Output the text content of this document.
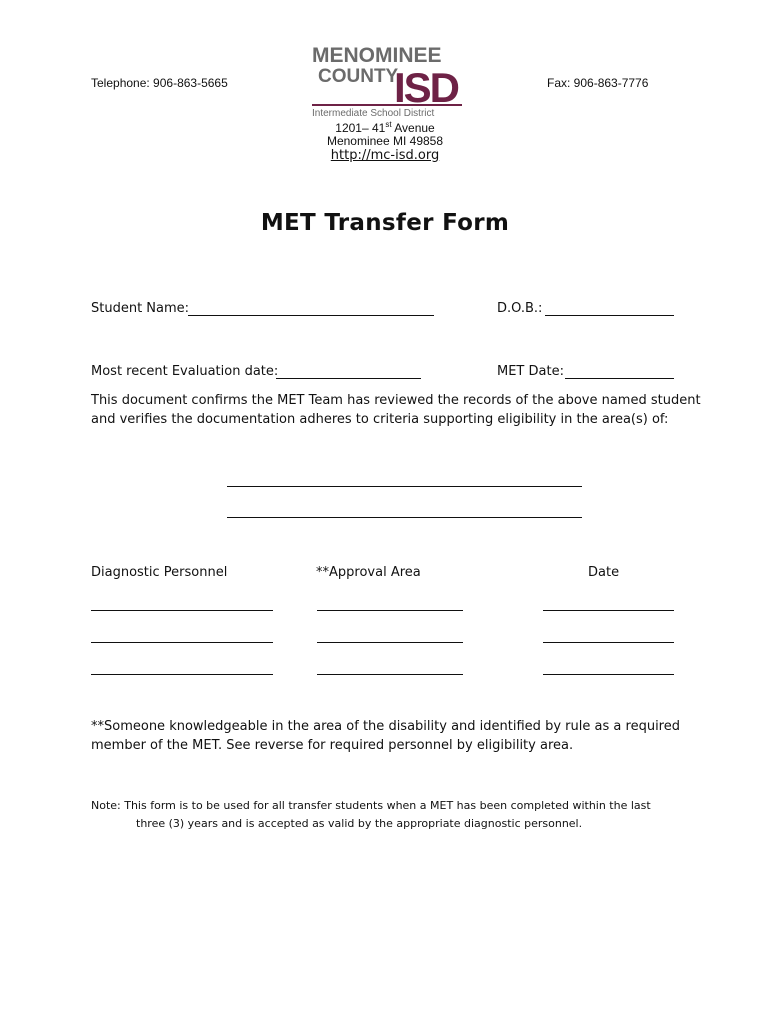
Telephone: 906-863-5665	Fax: 906-863-7776
MENOMINEE
COUNTY
ISD
Intermediate School District
1201– 41st Avenue
Menominee MI 49858
http://mc-isd.org
MET Transfer Form
Student Name:	D.O.B.:
Most recent Evaluation date:	MET Date:
This document confirms the MET Team has reviewed the records of the above named student
and verifies the documentation adheres to criteria supporting eligibility in the area(s) of:
Diagnostic Personnel	**Approval Area	Date
**Someone knowledgeable in the area of the disability and identified by rule as a required
member of the MET. See reverse for required personnel by eligibility area.
Note: This form is to be used for all transfer students when a MET has been completed within the last
three (3) years and is accepted as valid by the appropriate diagnostic personnel.
